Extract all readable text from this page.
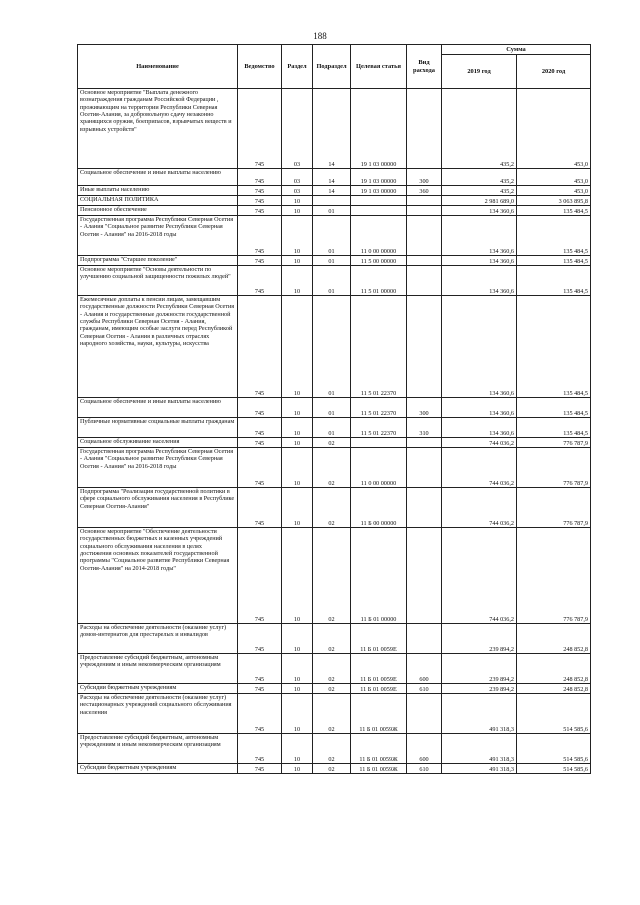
188
Наименование	Ведомство	Раздел	Подраздел	Целевая статья	Вид расхода	Сумма	
						2019 год	2020 год
Основное мероприятие "Выплата денежного вознаграждения гражданам Российской Федерации , проживающим на территории Республики Северная Осетия-Алания, за добровольную сдачу незаконно хранящихся оружия, боеприпасов, взрывчатых веществ и взрывных устройств"	745	03	14	19 1 03 00000		435,2	453,0
Социальное обеспечение и иные выплаты населению	745	03	14	19 1 03 00000	300	435,2	453,0
Иные выплаты населению	745	03	14	19 1 03 00000	360	435,2	453,0
СОЦИАЛЬНАЯ ПОЛИТИКА	745	10				2 981 689,0	3 063 895,8
Пенсионное обеспечение	745	10	01			134 360,6	135 484,5
Государственная программа Республики Северная Осетия - Алания "Социальное развитие Республики Северная Осетия - Алания" на 2016-2018 годы	745	10	01	11 0 00 00000		134 360,6	135 484,5
Подпрограмма "Старшее поколение"	745	10	01	11 5 00 00000		134 360,6	135 484,5
Основное мероприятие "Основы деятельности по улучшению социальной защищенности пожилых людей"	745	10	01	11 5 01 00000		134 360,6	135 484,5
Ежемесячные доплаты к пенсии лицам, замещавшим государственные должности Республики Северная Осетия - Алания и государственные должности государственной службы Республики Северная Осетия - Алания, гражданам, имеющим особые заслуги перед Республикой Северная Осетия - Алания в различных отраслях народного хозяйства, науки, культуры, искусства	745	10	01	11 5 01 22370		134 360,6	135 484,5
Социальное обеспечение и иные выплаты населению	745	10	01	11 5 01 22370	300	134 360,6	135 484,5
Публичные нормативные социальные выплаты гражданам	745	10	01	11 5 01 22370	310	134 360,6	135 484,5
Социальное обслуживание населения	745	10	02			744 036,2	776 787,9
Государственная программа Республики Северная Осетия - Алания "Социальное развитие Республики Северная Осетия - Алания" на 2016-2018 годы	745	10	02	11 0 00 00000		744 036,2	776 787,9
Подпрограмма "Реализация государственной политики в сфере социального обслуживания населения в Республике Северная Осетия-Алания"	745	10	02	11 Б 00 00000		744 036,2	776 787,9
Основное мероприятие "Обеспечение деятельности государственных бюджетных и казенных учреждений социального обслуживания населения в целях достижения основных показателей государственной программы "Социальное развитие Республики Северная Осетия-Алания" на 2014-2018 годы"	745	10	02	11 Б 01 00000		744 036,2	776 787,9
Расходы на обеспечение деятельности (оказание услуг) домов-интернатов для престарелых и инвалидов	745	10	02	11 Б 01 0059Е		239 894,2	248 852,8
Предоставление субсидий бюджетным, автономным учреждениям и иным некоммерческим организациям	745	10	02	11 Б 01 0059Е	600	239 894,2	248 852,8
Субсидии бюджетным учреждениям	745	10	02	11 Б 01 0059Е	610	239 894,2	248 852,8
Расходы на обеспечение деятельности (оказание услуг) нестационарных учреждений социального обслуживания населения	745	10	02	11 Б 01 0059Ж		491 318,3	514 585,6
Предоставление субсидий бюджетным, автономным учреждениям и иным некоммерческим организациям	745	10	02	11 Б 01 0059Ж	600	491 318,3	514 585,6
Субсидии бюджетным учреждениям	745	10	02	11 Б 01 0059Ж	610	491 318,3	514 585,6
